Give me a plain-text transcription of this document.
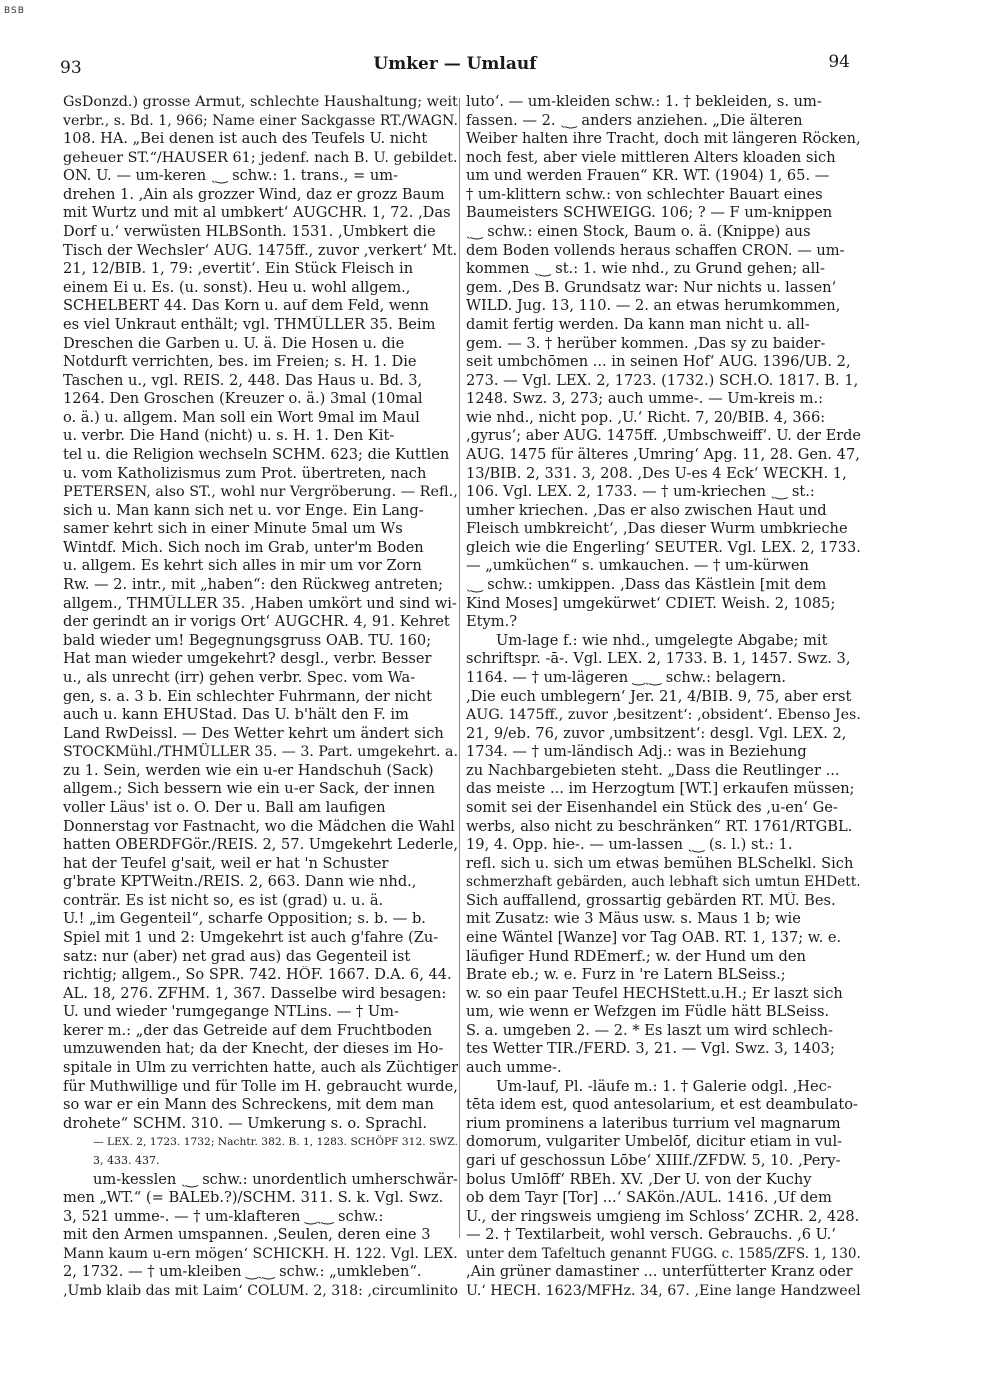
BSB
93	Umker — Umlauf	94
GsDonzd.) grosse Armut, schlechte Haushaltung; weit
verbr., s. Bd. 1, 966; Name einer Sackgasse RT./WAGN.
108. HA. „Bei denen ist auch des Teufels U. nicht
geheuer ST.“/HAUSER 61; jedenf. nach B. U. gebildet.
ON. U. — um-keren ˏ‿ schw.: 1. trans., = um-
drehen 1. ‚Ain als grozzer Wind, daz er grozz Baum
mit Wurtz und mit al umbkert‘ AUGCHR. 1, 72. ‚Das
Dorf u.‘ verwüsten HLBSonth. 1531. ‚Umbkert die
Tisch der Wechsler‘ AUG. 1475ff., zuvor ‚verkert‘ Mt.
21, 12/BIB. 1, 79: ‚evertit‘. Ein Stück Fleisch in
einem Ei u. Es. (u. sonst). Heu u. wohl allgem.,
SCHELBERT 44. Das Korn u. auf dem Feld, wenn
es viel Unkraut enthält; vgl. THMÜLLER 35. Beim
Dreschen die Garben u. U. ä. Die Hosen u. die
Notdurft verrichten, bes. im Freien; s. H. 1. Die
Taschen u., vgl. REIS. 2, 448. Das Haus u. Bd. 3,
1264. Den Groschen (Kreuzer o. ä.) 3mal (10mal
o. ä.) u. allgem. Man soll ein Wort 9mal im Maul
u. verbr. Die Hand (nicht) u. s. H. 1. Den Kit-
tel u. die Religion wechseln SCHM. 623; die Kuttlen
u. vom Katholizismus zum Prot. übertreten, nach
PETERSEN, also ST., wohl nur Vergröberung. — Refl.,
sich u. Man kann sich net u. vor Enge. Ein Lang-
samer kehrt sich in einer Minute 5mal um Ws
Wintdf. Mich. Sich noch im Grab, unter'm Boden
u. allgem. Es kehrt sich alles in mir um vor Zorn
Rw. — 2. intr., mit „haben“: den Rückweg antreten;
allgem., THMÜLLER 35. ‚Haben umkört und sind wi-
der gerindt an ir vorigs Ort‘ AUGCHR. 4, 91. Kehret
bald wieder um! Begegnungsgruss OAB. TU. 160;
Hat man wieder umgekehrt? desgl., verbr. Besser
u., als unrecht (irr) gehen verbr. Spec. vom Wa-
gen, s. a. 3 b. Ein schlechter Fuhrmann, der nicht
auch u. kann EHUStad. Das U. b'hält den F. im
Land RwDeissl. — Des Wetter kehrt um ändert sich
STOCKMühl./THMÜLLER 35. — 3. Part. umgekehrt. a.
zu 1. Sein, werden wie ein u-er Handschuh (Sack)
allgem.; Sich bessern wie ein u-er Sack, der innen
voller Läus' ist o. O. Der u. Ball am laufigen
Donnerstag vor Fastnacht, wo die Mädchen die Wahl
hatten OBERDFGör./REIS. 2, 57. Umgekehrt Lederle,
hat der Teufel g'sait, weil er hat 'n Schuster
g'brate KPTWeitn./REIS. 2, 663. Dann wie nhd.,
conträr. Es ist nicht so, es ist (grad) u. u. ä.
U.! „im Gegenteil“, scharfe Opposition; s. b. — b.
Spiel mit 1 und 2: Umgekehrt ist auch g'fahre (Zu-
satz: nur (aber) net grad aus) das Gegenteil ist
richtig; allgem., So SPR. 742. HÖF. 1667. D.A. 6, 44.
AL. 18, 276. ZFHM. 1, 367. Dasselbe wird besagen:
U. und wieder 'rumgegange NTLins. — † Um-
kerer m.: „der das Getreide auf dem Fruchtboden
umzuwenden hat; da der Knecht, der dieses im Ho-
spitale in Ulm zu verrichten hatte, auch als Züchtiger
für Muthwillige und für Tolle im H. gebraucht wurde,
so war er ein Mann des Schreckens, mit dem man
drohete“ SCHM. 310. — Umkerung s. o. Sprachl.
— LEX. 2, 1723. 1732; Nachtr. 382. B. 1, 1283. SCHÖPF 312. SWZ.
3, 433. 437.
um-kesslen ˏ‿ schw.: unordentlich umherschwär-
men „WT.“ (= BALEb.?)/SCHM. 311. S. k. Vgl. Swz.
3, 521 umme-. — † um-klafteren ‿ˏ‿ schw.:
mit den Armen umspannen. ‚Seulen, deren eine 3
Mann kaum u-ern mögen‘ SCHICKH. H. 122. Vgl. LEX.
2, 1732. — † um-kleiben ‿ˏ‿ schw.: „umkleben“.
‚Umb klaib das mit Laim‘ COLUM. 2, 318: ‚circumlinito
luto‘. — um-kleiden schw.: 1. † bekleiden, s. um-
fassen. — 2. ˏ‿ anders anziehen. „Die älteren
Weiber halten ihre Tracht, doch mit längeren Röcken,
noch fest, aber viele mittleren Alters kloaden sich
um und werden Frauen“ KR. WT. (1904) 1, 65. —
† um-klittern schw.: von schlechter Bauart eines
Baumeisters SCHWEIGG. 106; ? — F um-knippen
ˏ‿ schw.: einen Stock, Baum o. ä. (Knippe) aus
dem Boden vollends heraus schaffen CRON. — um-
kommen ˏ‿ st.: 1. wie nhd., zu Grund gehen; all-
gem. ‚Des B. Grundsatz war: Nur nichts u. lassen‘
WILD. Jug. 13, 110. — 2. an etwas herumkommen,
damit fertig werden. Da kann man nicht u. all-
gem. — 3. † herüber kommen. ‚Das sy zu baider-
seit umbchōmen ... in seinen Hof‘ AUG. 1396/UB. 2,
273. — Vgl. LEX. 2, 1723. (1732.) SCH.O. 1817. B. 1,
1248. Swz. 3, 273; auch umme-. — Um-kreis m.:
wie nhd., nicht pop. ‚U.‘ Richt. 7, 20/BIB. 4, 366:
‚gyrus‘; aber AUG. 1475ff. ‚Umbschweiff‘. U. der Erde
AUG. 1475 für älteres ‚Umring‘ Apg. 11, 28. Gen. 47,
13/BIB. 2, 331. 3, 208. ‚Des U-es 4 Eck‘ WECKH. 1,
106. Vgl. LEX. 2, 1733. — † um-kriechen ˏ‿ st.:
umher kriechen. ‚Das er also zwischen Haut und
Fleisch umbkreicht‘, ‚Das dieser Wurm umbkrieche
gleich wie die Engerling‘ SEUTER. Vgl. LEX. 2, 1733.
— „umküchen“ s. umkauchen. — † um-kürwen
ˏ‿ schw.: umkippen. ‚Dass das Kästlein [mit dem
Kind Moses] umgekürwet‘ CDIET. Weish. 2, 1085;
Etym.?
Um-lage f.: wie nhd., umgelegte Abgabe; mit
schriftspr. -ā-. Vgl. LEX. 2, 1733. B. 1, 1457. Swz. 3,
1164. — † um-lägeren ‿ˏ‿ schw.: belagern.
‚Die euch umblegern‘ Jer. 21, 4/BIB. 9, 75, aber erst
AUG. 1475ff., zuvor ‚besitzent‘: ‚obsident‘. Ebenso Jes.
21, 9/eb. 76, zuvor ‚umbsitzent‘: desgl. Vgl. LEX. 2,
1734. — † um-ländisch Adj.: was in Beziehung
zu Nachbargebieten steht. „Dass die Reutlinger ...
das meiste ... im Herzogtum [WT.] erkaufen müssen;
somit sei der Eisenhandel ein Stück des ‚u-en‘ Ge-
werbs, also nicht zu beschränken“ RT. 1761/RTGBL.
19, 4. Opp. hie-. — um-lassen ˏ‿ (s. l.) st.: 1.
refl. sich u. sich um etwas bemühen BLSchelkl. Sich
schmerzhaft gebärden, auch lebhaft sich umtun EHDett.
Sich auffallend, grossartig gebärden RT. MÜ. Bes.
mit Zusatz: wie 3 Mäus usw. s. Maus 1 b; wie
eine Wäntel [Wanze] vor Tag OAB. RT. 1, 137; w. e.
läufiger Hund RDEmerf.; w. der Hund um den
Brate eb.; w. e. Furz in 're Latern BLSeiss.;
w. so ein paar Teufel HECHStett.u.H.; Er laszt sich
um, wie wenn er Wefzgen im Füdle hätt BLSeiss.
S. a. umgeben 2. — 2. * Es laszt um wird schlech-
tes Wetter TIR./FERD. 3, 21. — Vgl. Swz. 3, 1403;
auch umme-.
Um-lauf, Pl. -läufe m.: 1. † Galerie odgl. ‚Hec-
tēta idem est, quod antesolarium, et est deambulato-
rium prominens a lateribus turrium vel magnarum
domorum, vulgariter Umbelōf, dicitur etiam in vul-
gari uf geschossun Lōbe‘ XIIIf./ZFDW. 5, 10. ‚Pery-
bolus Umlōff‘ RBEh. XV. ‚Der U. von der Kuchy
ob dem Tayr [Tor] ...‘ SAKön./AUL. 1416. ‚Uf dem
U., der ringsweis umgieng im Schloss‘ ZCHR. 2, 428.
— 2. † Textilarbeit, wohl versch. Gebrauchs. ‚6 U.‘
unter dem Tafeltuch genannt FUGG. c. 1585/ZFS. 1, 130.
‚Ain grüner damastiner ... unterfütterter Kranz oder
U.‘ HECH. 1623/MFHz. 34, 67. ‚Eine lange Handzweel
